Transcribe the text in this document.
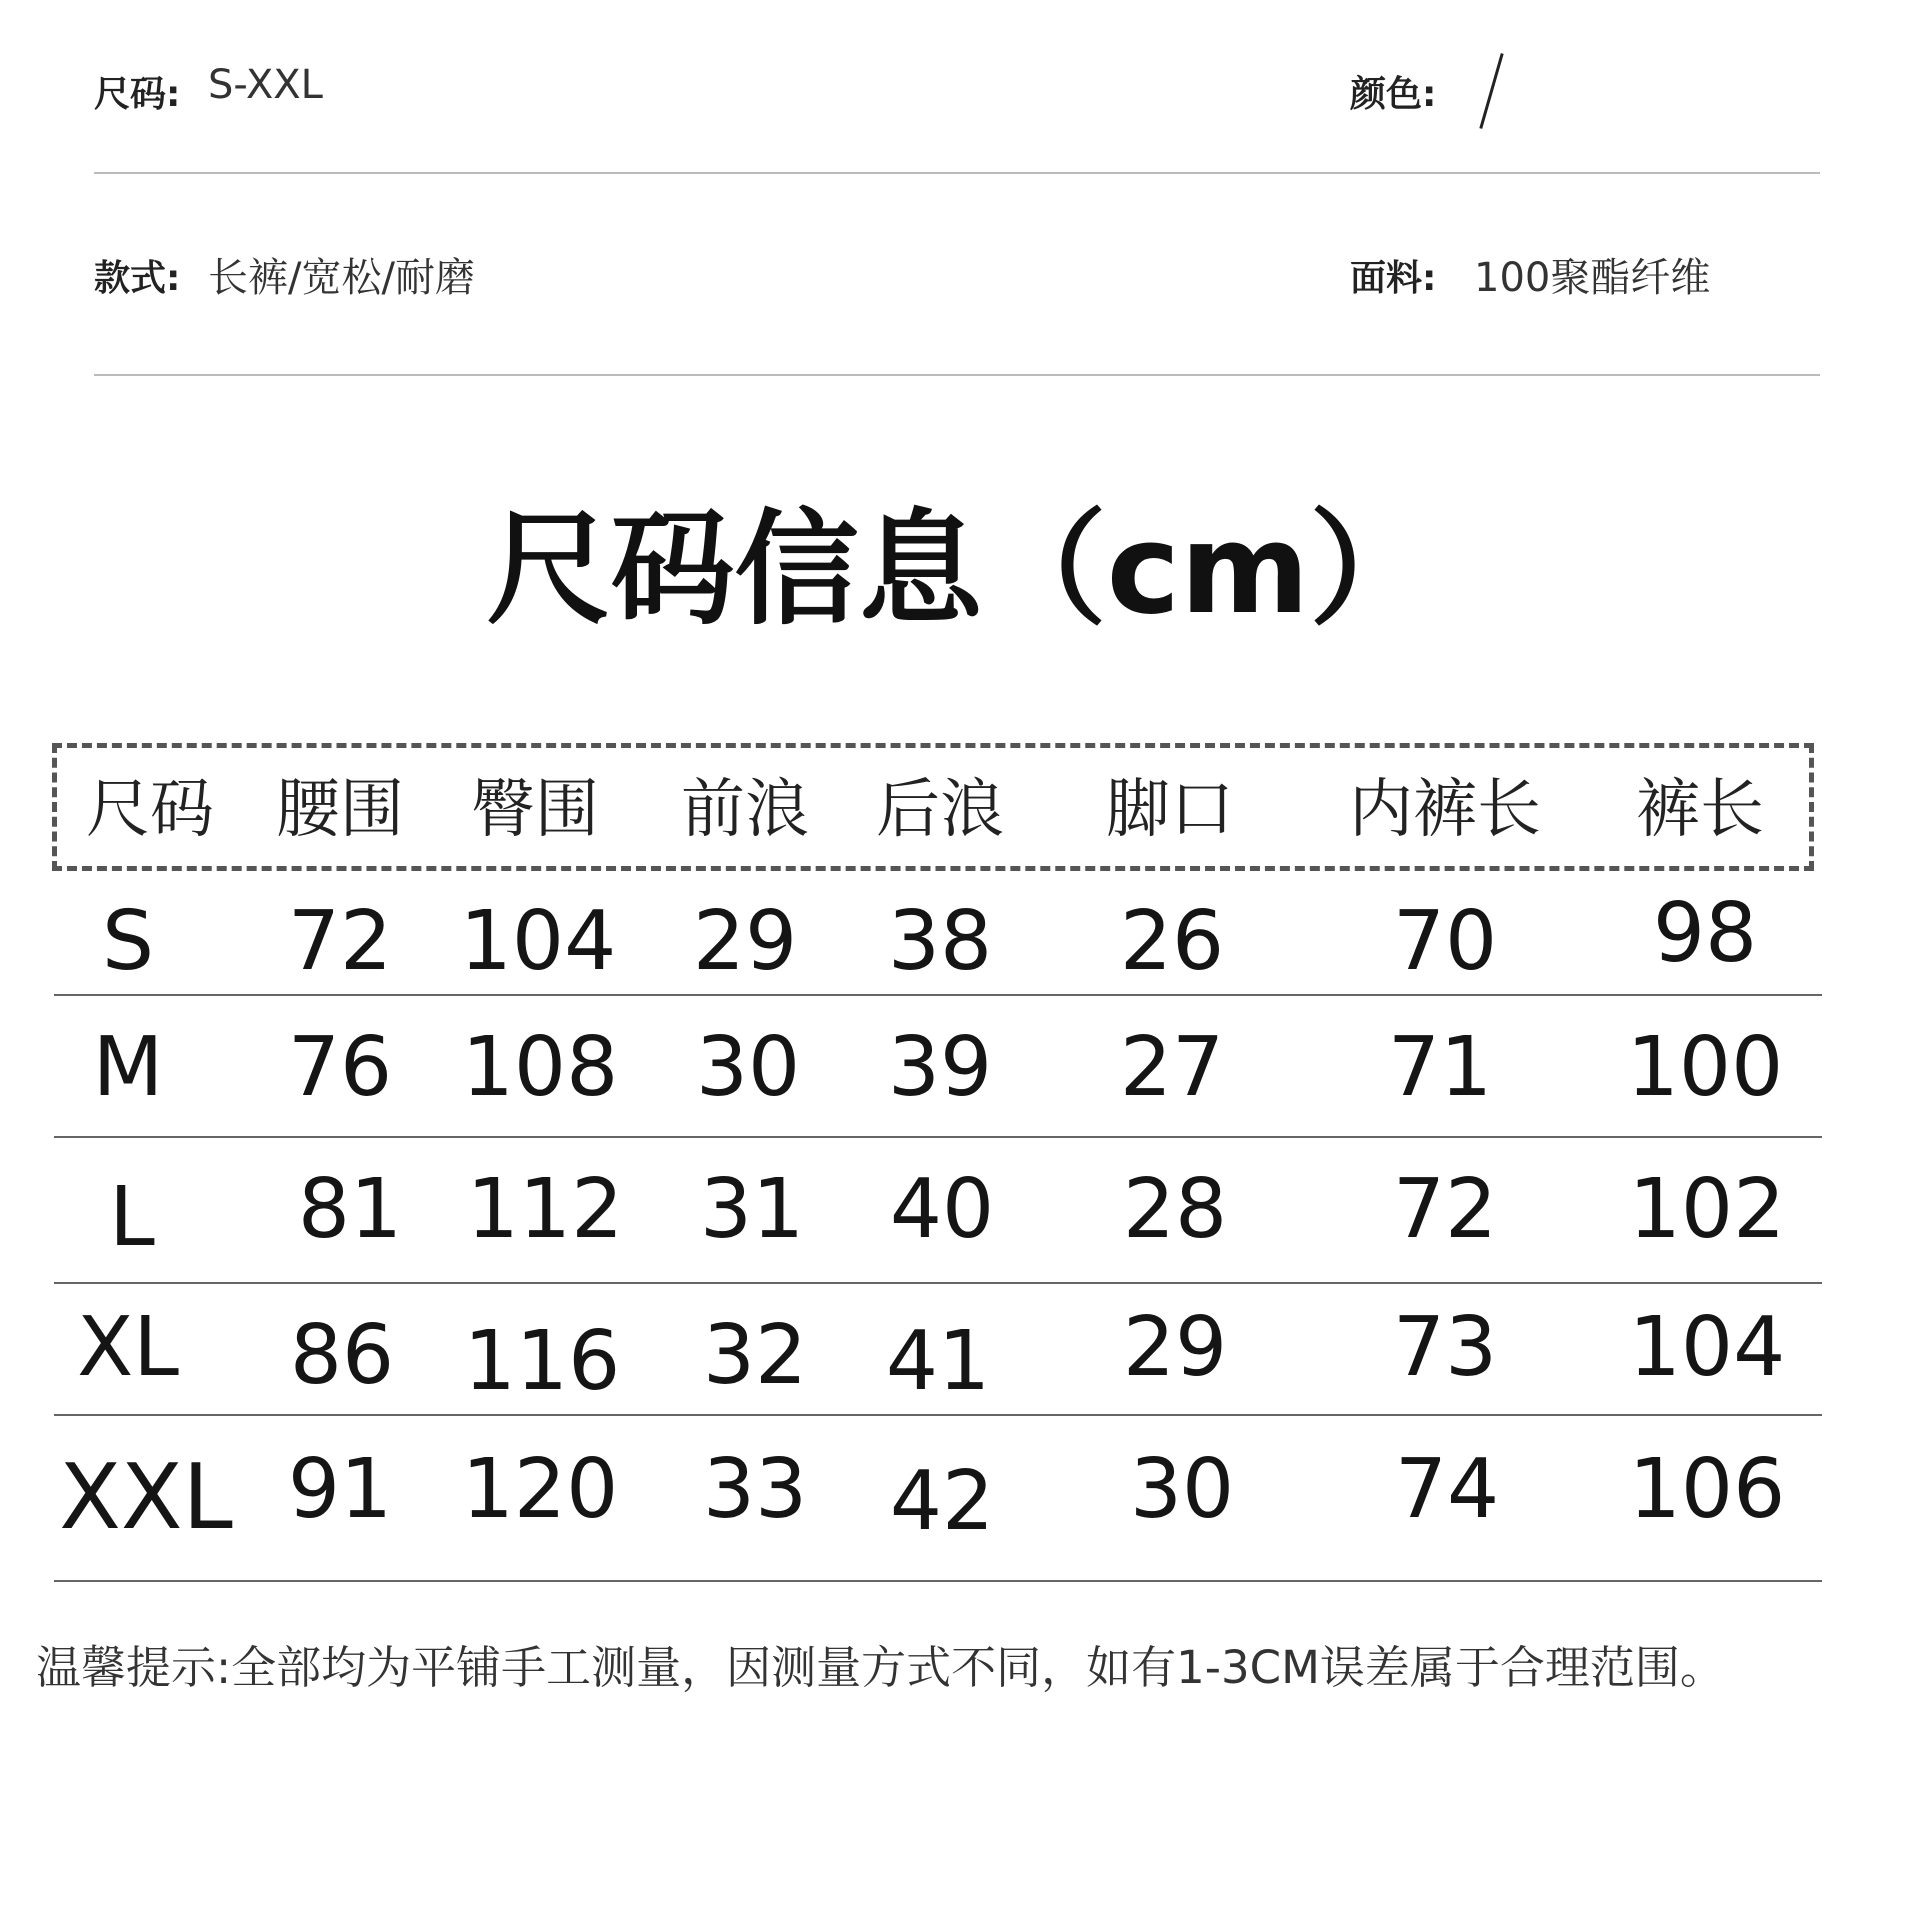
尺码: S-XXL	颜色:
款式: 长裤/宽松/耐磨	面料: 100聚酯纤维
尺码信息（cm）
尺码 腰围 臀围 前浪 后浪 脚口 内裤长 裤长
S 72 104 29 38 26 70 98
M 76 108 30 39 27 71 100
L 81 112 31 40 28 72 102
XL 86 116 32 41 29 73 104
XXL 91 120 33 42 30 74 106
温馨提示:全部均为平铺手工测量，因测量方式不同，如有1-3CM误差属于合理范围。
